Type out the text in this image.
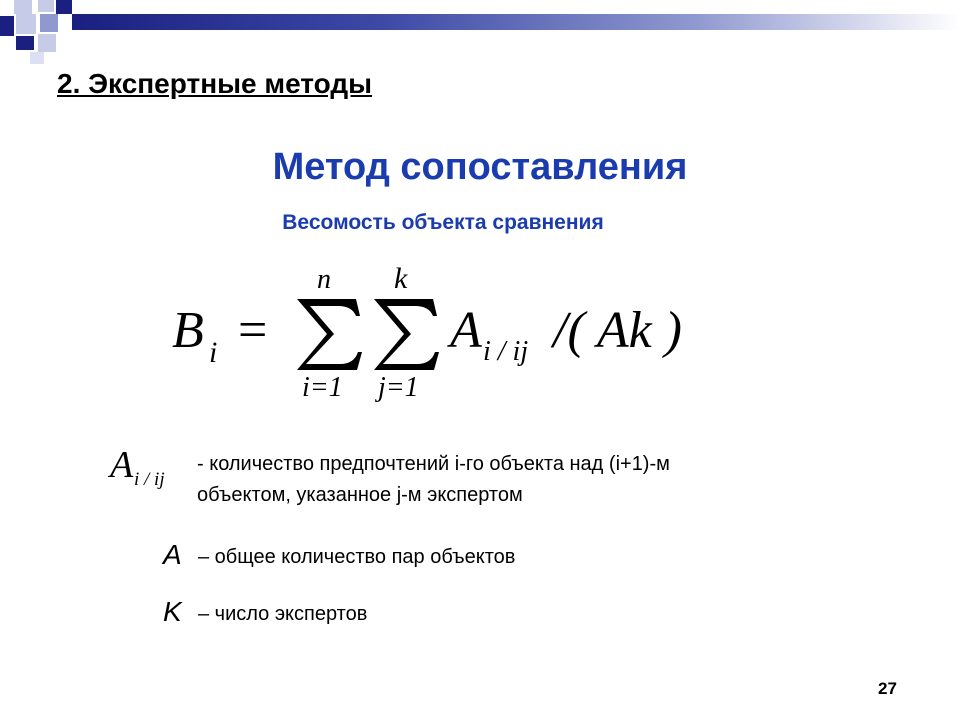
2. Экспертные методы
Метод сопоставления
Весомость объекта сравнения
B i =
n
i=1
k
j=1
A i / ij /( Ak )
A i / ij
- количество предпочтений i-го объекта над (i+1)-м
объектом, указанное j-м экспертом
A – общее количество пар объектов
K – число экспертов
27
